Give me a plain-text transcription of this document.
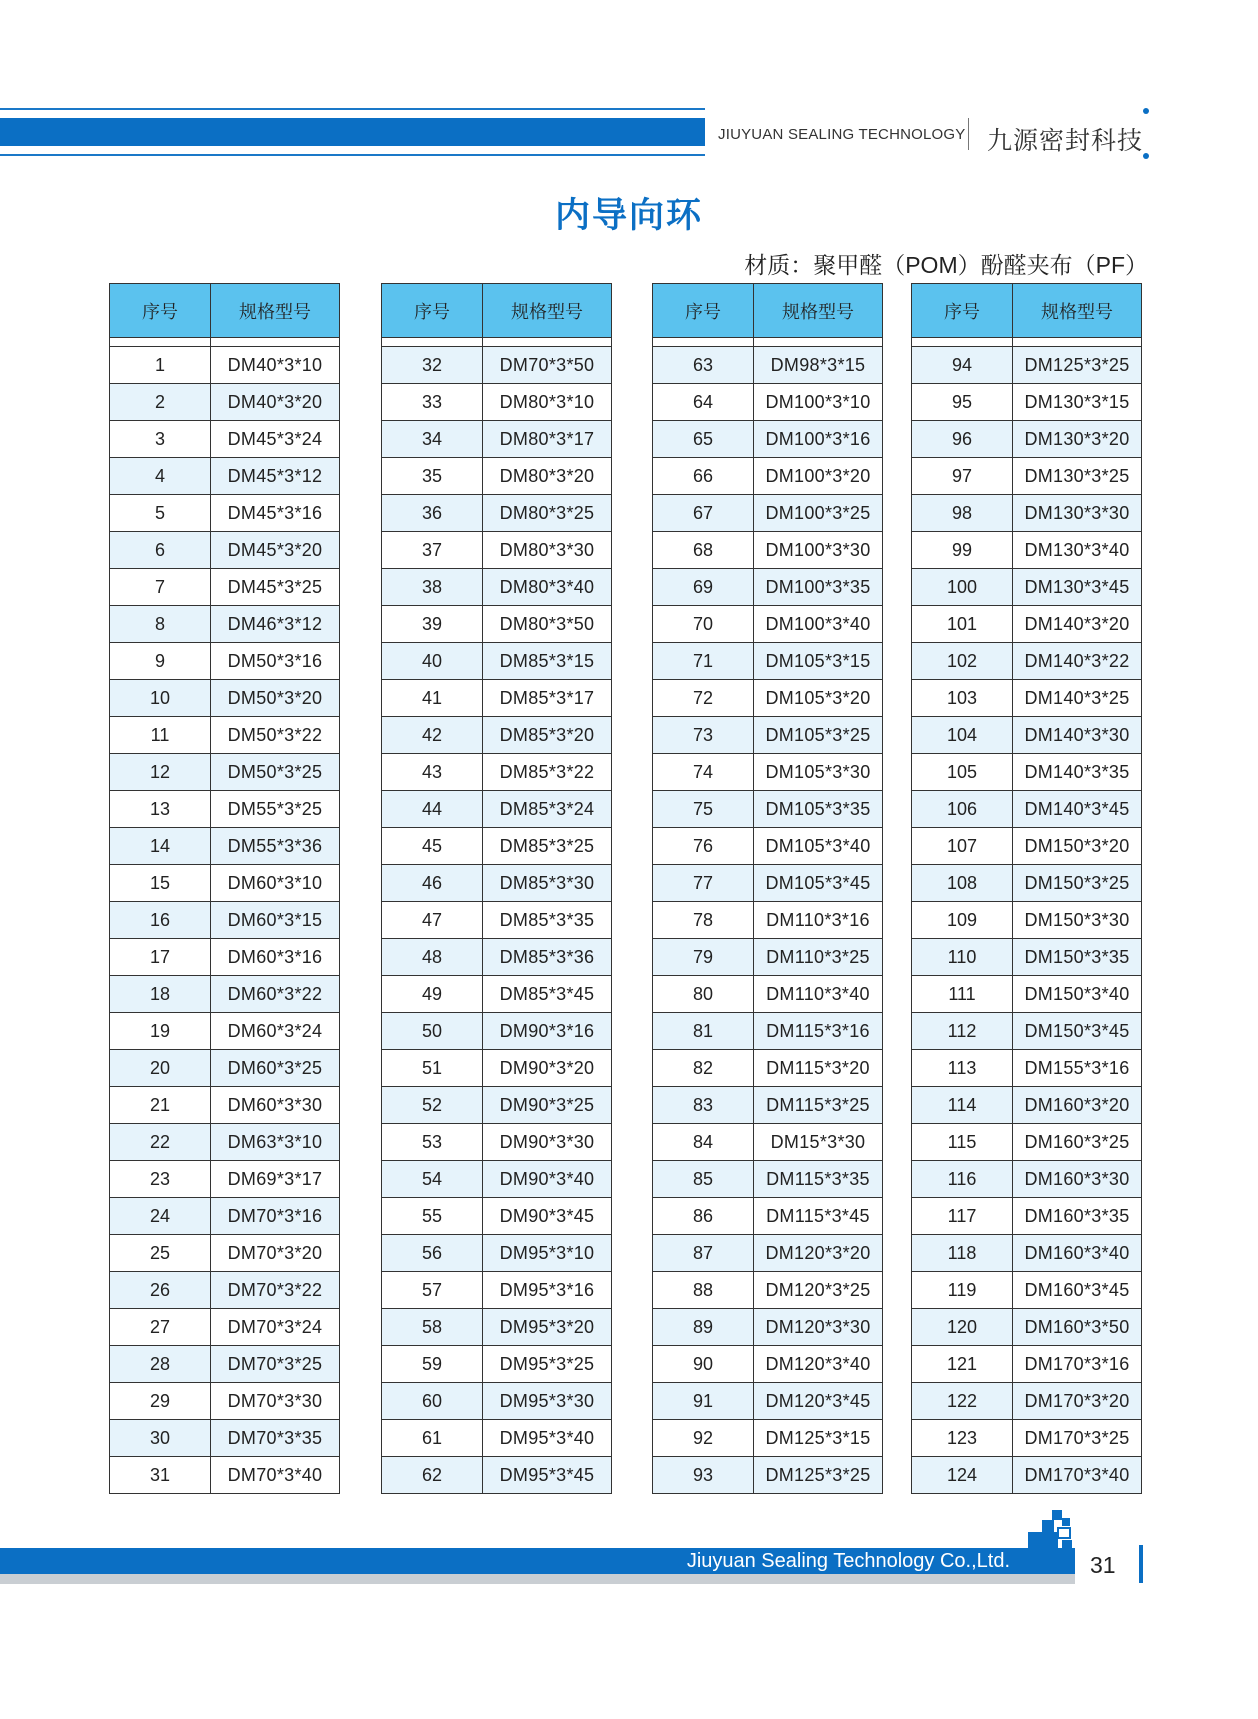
JIUYUAN SEALING TECHNOLOGY 九源密封科技
内导向环
材质：聚甲醛（POM）酚醛夹布（PF）
序号	规格型号

1	DM40*3*10
2	DM40*3*20
3	DM45*3*24
4	DM45*3*12
5	DM45*3*16
6	DM45*3*20
7	DM45*3*25
8	DM46*3*12
9	DM50*3*16
10	DM50*3*20
11	DM50*3*22
12	DM50*3*25
13	DM55*3*25
14	DM55*3*36
15	DM60*3*10
16	DM60*3*15
17	DM60*3*16
18	DM60*3*22
19	DM60*3*24
20	DM60*3*25
21	DM60*3*30
22	DM63*3*10
23	DM69*3*17
24	DM70*3*16
25	DM70*3*20
26	DM70*3*22
27	DM70*3*24
28	DM70*3*25
29	DM70*3*30
30	DM70*3*35
31	DM70*3*40
序号	规格型号

32	DM70*3*50
33	DM80*3*10
34	DM80*3*17
35	DM80*3*20
36	DM80*3*25
37	DM80*3*30
38	DM80*3*40
39	DM80*3*50
40	DM85*3*15
41	DM85*3*17
42	DM85*3*20
43	DM85*3*22
44	DM85*3*24
45	DM85*3*25
46	DM85*3*30
47	DM85*3*35
48	DM85*3*36
49	DM85*3*45
50	DM90*3*16
51	DM90*3*20
52	DM90*3*25
53	DM90*3*30
54	DM90*3*40
55	DM90*3*45
56	DM95*3*10
57	DM95*3*16
58	DM95*3*20
59	DM95*3*25
60	DM95*3*30
61	DM95*3*40
62	DM95*3*45
序号	规格型号

63	DM98*3*15
64	DM100*3*10
65	DM100*3*16
66	DM100*3*20
67	DM100*3*25
68	DM100*3*30
69	DM100*3*35
70	DM100*3*40
71	DM105*3*15
72	DM105*3*20
73	DM105*3*25
74	DM105*3*30
75	DM105*3*35
76	DM105*3*40
77	DM105*3*45
78	DM110*3*16
79	DM110*3*25
80	DM110*3*40
81	DM115*3*16
82	DM115*3*20
83	DM115*3*25
84	DM15*3*30
85	DM115*3*35
86	DM115*3*45
87	DM120*3*20
88	DM120*3*25
89	DM120*3*30
90	DM120*3*40
91	DM120*3*45
92	DM125*3*15
93	DM125*3*25
序号	规格型号

94	DM125*3*25
95	DM130*3*15
96	DM130*3*20
97	DM130*3*25
98	DM130*3*30
99	DM130*3*40
100	DM130*3*45
101	DM140*3*20
102	DM140*3*22
103	DM140*3*25
104	DM140*3*30
105	DM140*3*35
106	DM140*3*45
107	DM150*3*20
108	DM150*3*25
109	DM150*3*30
110	DM150*3*35
111	DM150*3*40
112	DM150*3*45
113	DM155*3*16
114	DM160*3*20
115	DM160*3*25
116	DM160*3*30
117	DM160*3*35
118	DM160*3*40
119	DM160*3*45
120	DM160*3*50
121	DM170*3*16
122	DM170*3*20
123	DM170*3*25
124	DM170*3*40
Jiuyuan Sealing Technology Co.,Ltd.	31
